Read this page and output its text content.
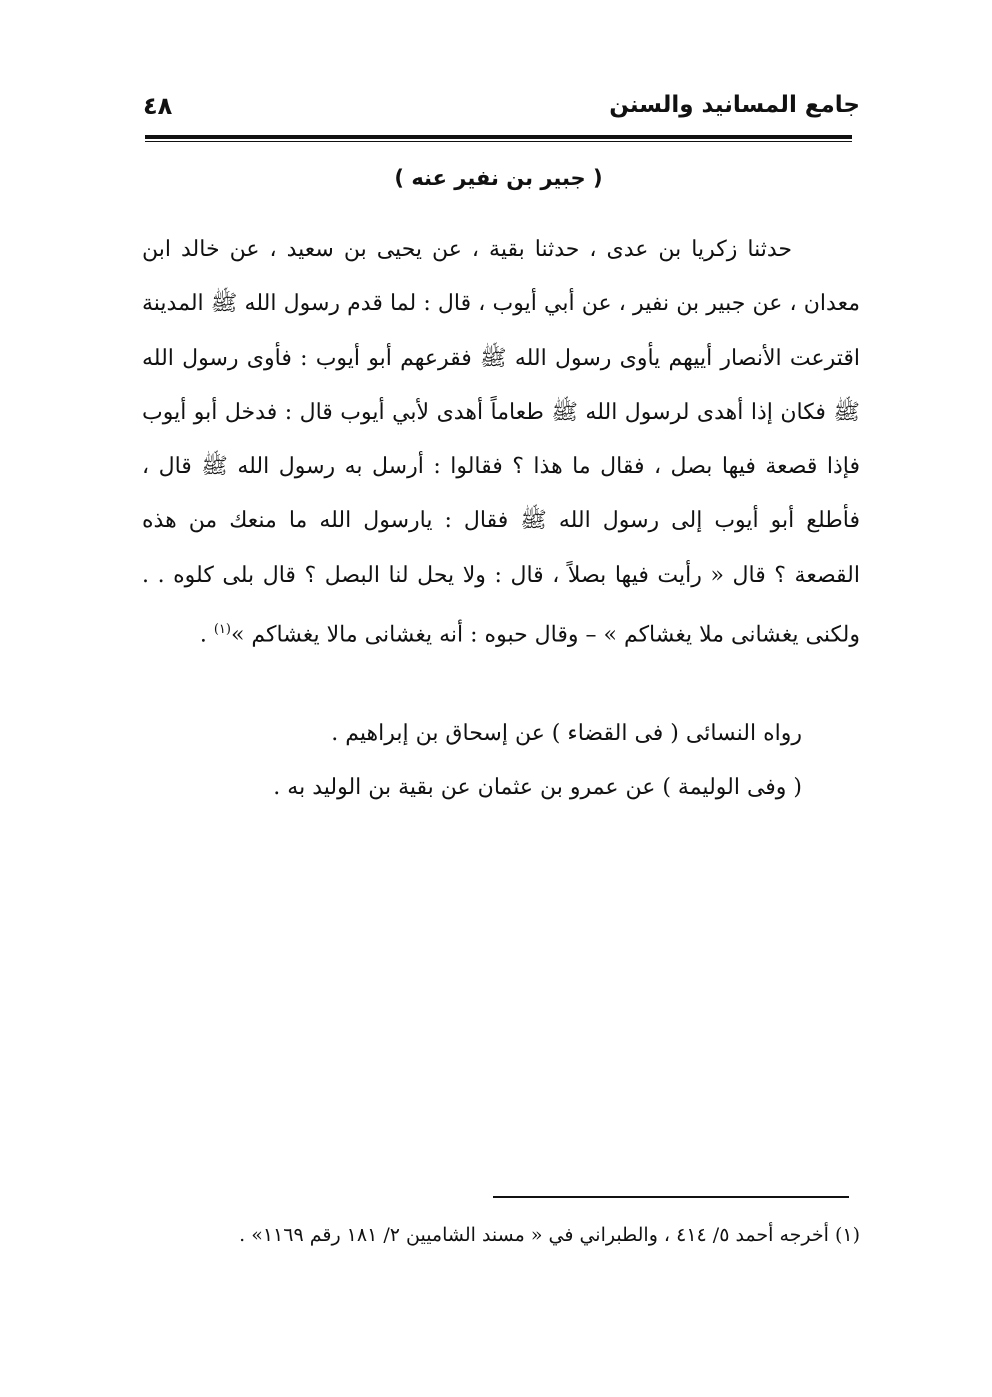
جامع المسانيد والسنن
٤٨
( جبير بن نفير عنه )

حدثنا زكريا بن عدى ، حدثنا بقية ، عن يحيى بن سعيد ، عن خالد ابن معدان ، عن جبير بن نفير ، عن أبي أيوب ، قال : لما قدم رسول الله ﷺ المدينة اقترعت الأنصار أييهم يأوى رسول الله ﷺ فقرعهم أبو أيوب : فأوى رسول الله ﷺ فكان إذا أهدى لرسول الله ﷺ طعاماً أهدى لأبي أيوب قال : فدخل أبو أيوب فإذا قصعة فيها بصل ، فقال ما هذا ؟ فقالوا : أرسل به رسول الله ﷺ قال ، فأطلع أبو أيوب إلى رسول الله ﷺ فقال : يارسول الله ما منعك من هذه القصعة ؟ قال « رأيت فيها بصلاً ، قال : ولا يحل لنا البصل ؟ قال بلى كلوه . . ولكنى يغشانى ملا يغشاكم » – وقال حبوه : أنه يغشانى مالا يغشاكم »$^{(١)}$ .

رواه النسائى ( فى القضاء ) عن إسحاق بن إبراهيم .

( وفى الوليمة ) عن عمرو بن عثمان عن بقية بن الوليد به .

(١) أخرجه أحمد ٥/ ٤١٤ ، والطبراني في « مسند الشاميين ٢/ ١٨١ رقم ١١٦٩» .
